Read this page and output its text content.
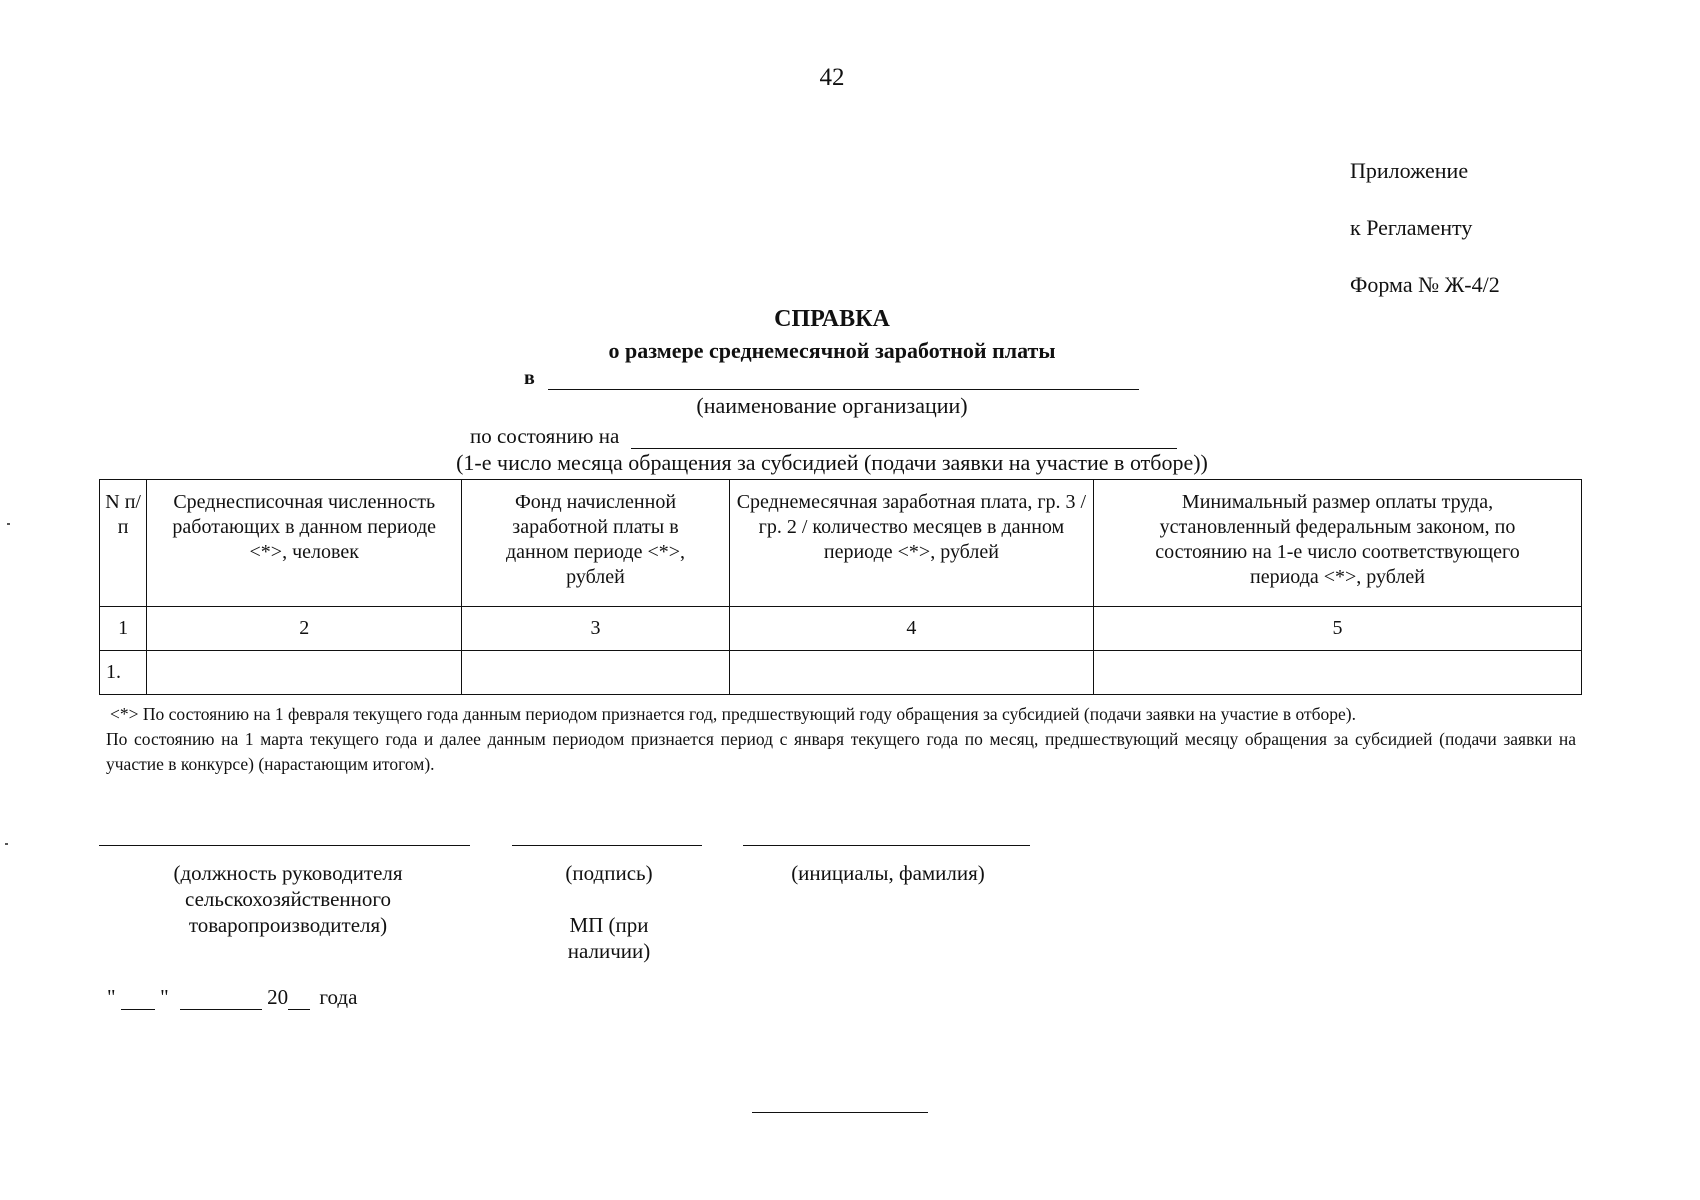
42
Приложение
к Регламенту
Форма № Ж-4/2
СПРАВКА
о размере среднемесячной заработной платы
в
(наименование организации)
по состоянию на
(1-е число месяца обращения за субсидией (подачи заявки на участие в отборе))
N п/п	Среднесписочная численность работающих в данном периоде <*>, человек	Фонд начисленной заработной платы в данном периоде <*>, рублей	Среднемесячная заработная плата, гр. 3 / гр. 2 / количество месяцев в данном периоде <*>, рублей	Минимальный размер оплаты труда, установленный федеральным законом, по состоянию на 1-е число соответствующего периода <*>, рублей
1	2	3	4	5
1.				

<*> По состоянию на 1 февраля текущего года данным периодом признается год, предшествующий году обращения за субсидией (подачи заявки на участие в отборе).

По состоянию на 1 марта текущего года и далее данным периодом признается период с января текущего года по месяц, предшествующий месяцу обращения за субсидией (подачи заявки на участие в конкурсе) (нарастающим итогом).

(должность руководителя сельскохозяйственного товаропроизводителя)
(подпись)
МП (при наличии)
(инициалы, фамилия)
" "	20 года
